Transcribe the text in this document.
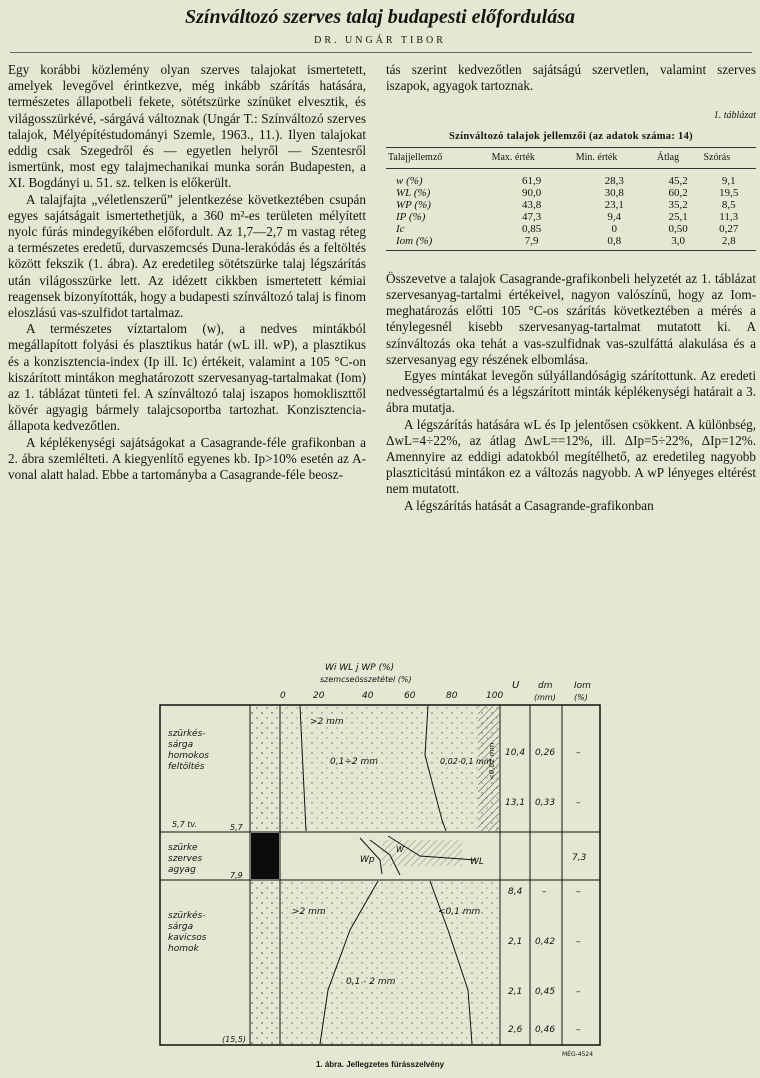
Színváltozó szerves talaj budapesti előfordulása
DR. UNGÁR TIBOR

Egy korábbi közlemény olyan szerves talajokat ismertetett, amelyek levegővel érintkezve, még inkább szárítás hatására, természetes állapotbeli fekete, sötétszürke színüket elvesztik, és világosszürkévé, -sárgává változnak (Ungár T.: Színváltozó szerves talajok, Mélyépítéstudományi Szemle, 1963., 11.). Ilyen talajokat eddig csak Szegedről és — egyetlen helyről — Szentesről ismertünk, most egy talajmechanikai munka során Budapesten, a XI. Bogdányi u. 51. sz. telken is előkerült.

A talajfajta „véletlenszerű” jelentkezése következtében csupán egyes sajátságait ismertethetjük, a 360 m²-es területen mélyített nyolc fúrás mindegyikében előfordult. Az 1,7—2,7 m vastag réteg a természetes eredetű, durvaszemcsés Duna-lerakódás és a feltöltés között fekszik (1. ábra). Az eredetileg sötétszürke talaj légszárítás után világosszürke lett. Az idézett cikkben ismertetett kémiai reagensek bizonyították, hogy a budapesti színváltozó talaj is finom eloszlású vas-szulfidot tartalmaz.

A természetes víztartalom (w), a nedves mintákból megállapított folyási és plasztikus határ (wL ill. wP), a plasztikus és a konzisztencia-index (Ip ill. Ic) értékeit, valamint a 105 °C-on kiszárított mintákon meghatározott szervesanyag-tartalmakat (Iom) az 1. táblázat tünteti fel. A színváltozó talaj iszapos homokliszttől kövér agyagig bármely talajcsoportba tartozhat. Konzisztencia-állapota kedvezőtlen.

A képlékenységi sajátságokat a Casagrande-féle grafikonban a 2. ábra szemlélteti. A kiegyenlítő egyenes kb. Ip>10% esetén az A-vonal alatt halad. Ebbe a tartományba a Casagrande-féle beosz-

tás szerint kedvezőtlen sajátságú szervetlen, valamint szerves iszapok, agyagok tartoznak.

1. táblázat
Színváltozó talajok jellemzői (az adatok száma: 14)
Talajjellemző	Max. érték	Min. érték	Átlag	Szórás
w (%)	61,9	28,3	45,2	9,1
WL (%)	90,0	30,8	60,2	19,5
WP (%)	43,8	23,1	35,2	8,5
IP (%)	47,3	9,4	25,1	11,3
Ic	0,85	0	0,50	0,27
Iom (%)	7,9	0,8	3,0	2,8

Összevetve a talajok Casagrande-grafikonbeli helyzetét az 1. táblázat szervesanyag-tartalmi értékeivel, nagyon valószínű, hogy az Iom-meghatározás előtti 105 °C-os szárítás következtében a mérés a ténylegesnél kisebb szervesanyag-tartalmat mutatott ki. A színváltozás oka tehát a vas-szulfidnak vas-szulfáttá alakulása és a szervesanyag egy részének elbomlása.

Egyes mintákat levegőn súlyállandóságig szárítottunk. Az eredeti nedvességtartalmú és a légszárított minták képlékenységi határait a 3. ábra mutatja.

A légszárítás hatására wL és Ip jelentősen csökkent. A különbség, ΔwL=4÷22%, az átlag ΔwL==12%, ill. ΔIp=5÷22%, ΔIp=12%. Amennyire az eddigi adatokból megítélhető, az eredetileg nagyobb plaszticitású mintákon ez a változás nagyobb. A wP lényeges eltérést nem mutatott.

A légszárítás hatását a Casagrande-grafikonban

Wi WL j WP (%)
szemcseösszetétel (%)
0	20	40	60	80	100
U dm
(mm)
Iom
(%)
>2 mm
0,1÷2 mm	0,02-0,1 mm
<0,02 mm
Wp
W
WL
>2 mm	<0,1 mm
0,1 - 2 mm
szürkés-sárga homokos feltöltés
szürke szerves agyag
szürkés-sárga kavicsos homok
5,7 tv.	5,7
7,9
(15,5)
10,4 0,26 –
13,1 0,33 –
7,3
8,4 –	–
2,1 0,42 –
2,1 0,45 –
2,6 0,46 –
MÉG-4524
1. ábra. Jellegzetes fúrásszelvény
